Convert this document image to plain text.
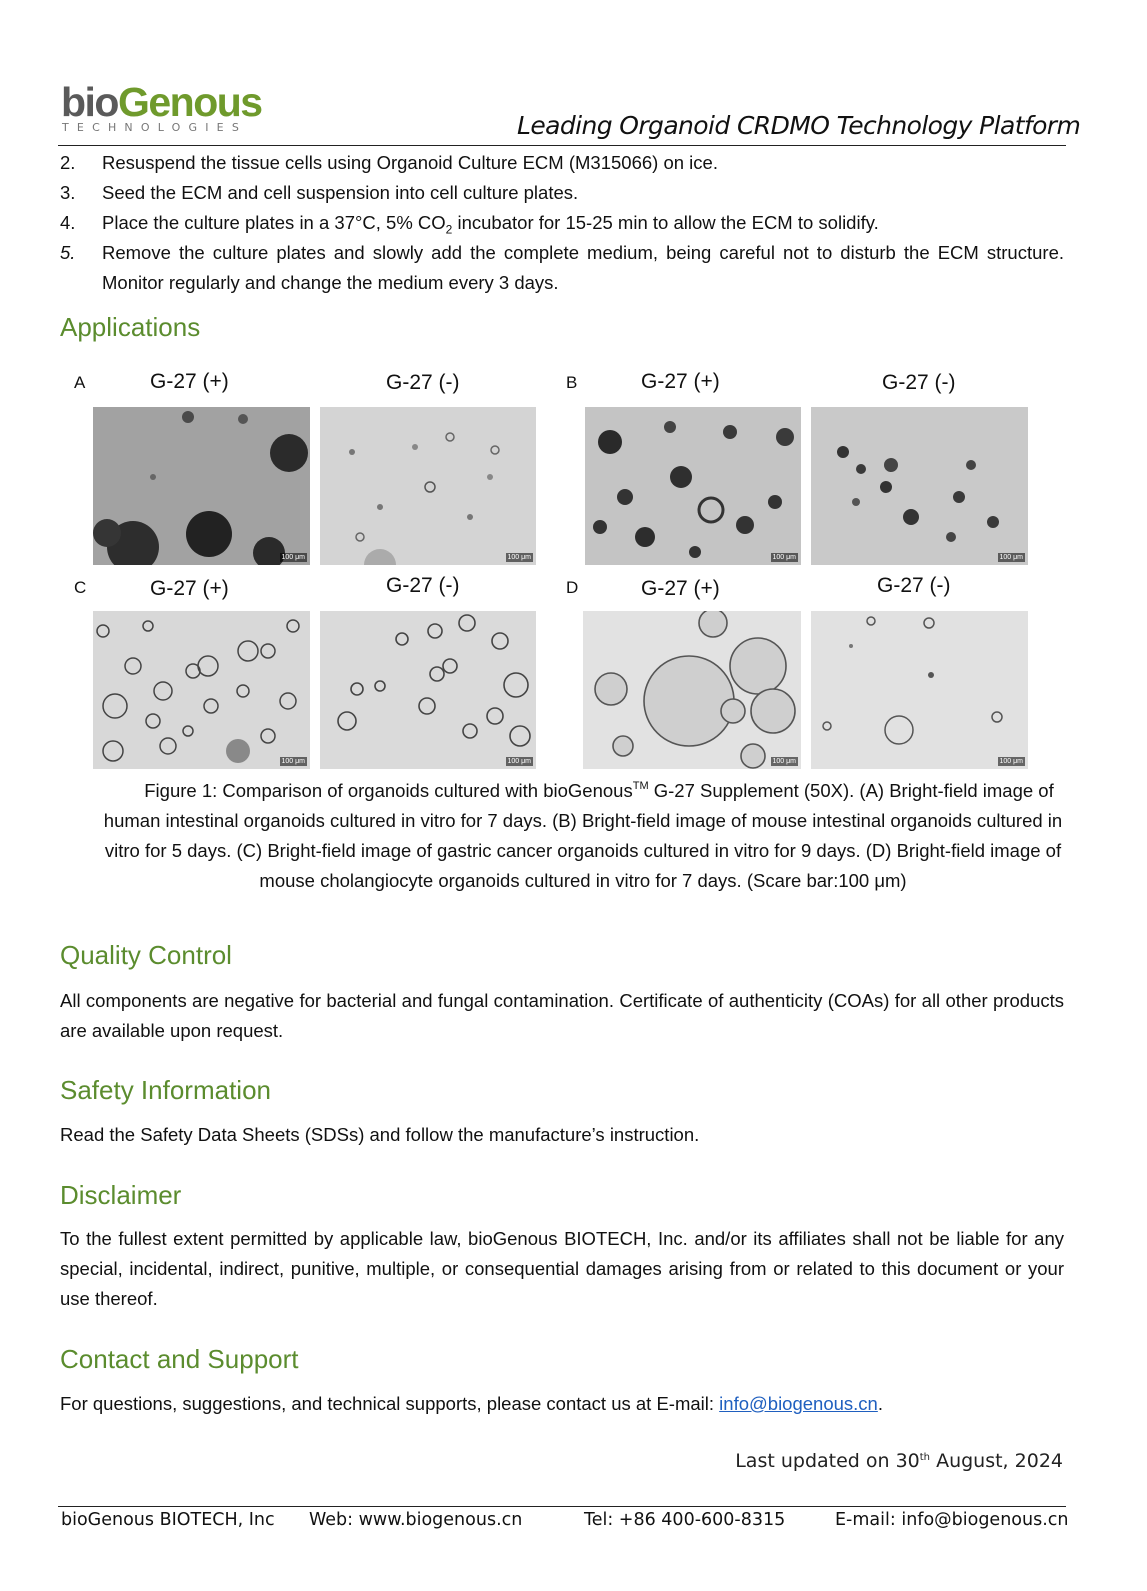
bioGenous
TECHNOLOGIES	Leading Organoid CRDMO Technology Platform
2.	Resuspend the tissue cells using Organoid Culture ECM (M315066) on ice.
3.	Seed the ECM and cell suspension into cell culture plates.
4.	Place the culture plates in a 37°C, 5% $CO_2$ incubator for 15-25 min to allow the ECM to solidify.
5.	Remove the culture plates and slowly add the complete medium, being careful not to disturb the ECM structure. Monitor regularly and change the medium every 3 days.
Applications
A	G-27 (+)	G-27 (-)
100 μm	100 μm
B	G-27 (+)	G-27 (-)
100 μm	100 μm
C	G-27 (+)	G-27 (-)
100 μm	100 μm
D	G-27 (+)	G-27 (-)
100 μm	100 μm
Figure 1: Comparison of organoids cultured with bioGenous™ G-27 Supplement (50X). (A) Bright-field image of human intestinal organoids cultured in vitro for 7 days. (B) Bright-field image of mouse intestinal organoids cultured in vitro for 5 days. (C) Bright-field image of gastric cancer organoids cultured in vitro for 9 days. (D) Bright-field image of mouse cholangiocyte organoids cultured in vitro for 7 days. (Scare bar:100 μm)
Quality Control
All components are negative for bacterial and fungal contamination. Certificate of authenticity (COAs) for all other products are available upon request.
Safety Information
Read the Safety Data Sheets (SDSs) and follow the manufacture’s instruction.
Disclaimer
To the fullest extent permitted by applicable law, bioGenous BIOTECH, Inc. and/or its affiliates shall not be liable for any special, incidental, indirect, punitive, multiple, or consequential damages arising from or related to this document or your use thereof.
Contact and Support
For questions, suggestions, and technical supports, please contact us at E-mail: info@biogenous.cn.
Last updated on 30th August, 2024
bioGenous BIOTECH, Inc Web: www.biogenous.cn	Tel: +86 400-600-8315	E-mail: info@biogenous.cn
